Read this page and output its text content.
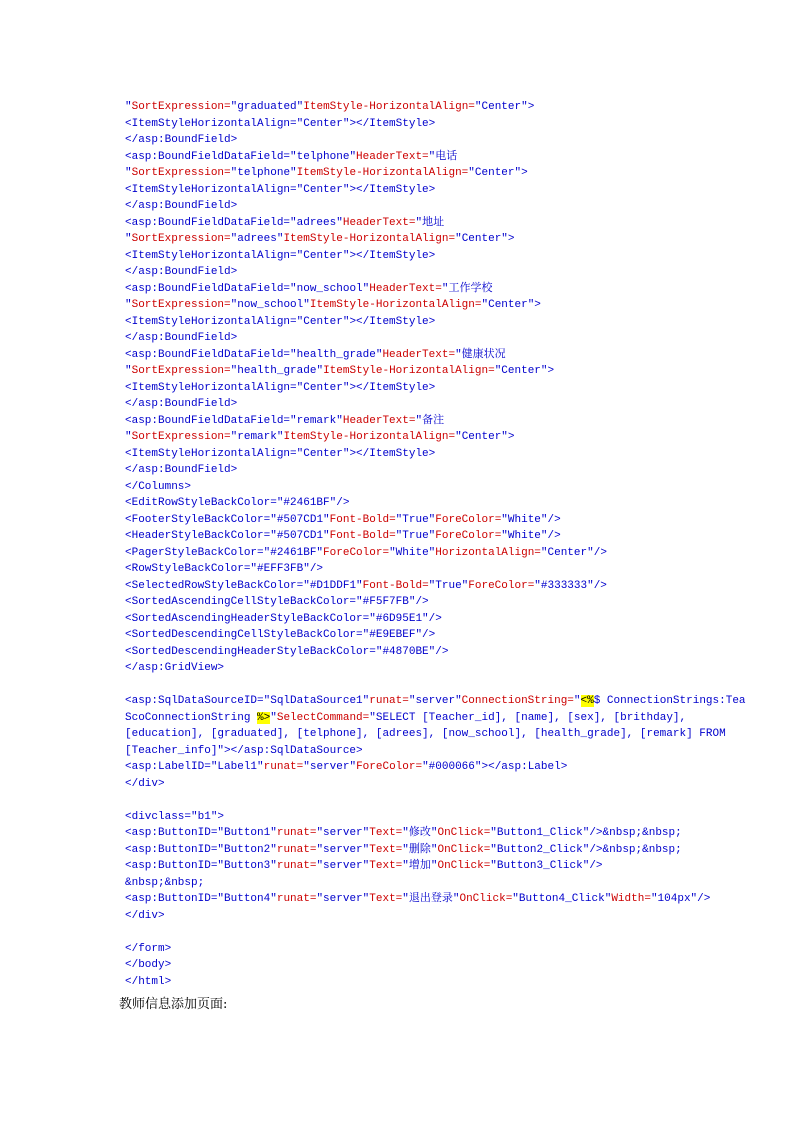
"SortExpression="graduated"ItemStyle-HorizontalAlign="Center">
<ItemStyleHorizontalAlign="Center"></ItemStyle>
</asp:BoundField>
<asp:BoundFieldDataField="telphone"HeaderText="电话
"SortExpression="telphone"ItemStyle-HorizontalAlign="Center">
<ItemStyleHorizontalAlign="Center"></ItemStyle>
</asp:BoundField>
<asp:BoundFieldDataField="adrees"HeaderText="地址
"SortExpression="adrees"ItemStyle-HorizontalAlign="Center">
<ItemStyleHorizontalAlign="Center"></ItemStyle>
</asp:BoundField>
<asp:BoundFieldDataField="now_school"HeaderText="工作学校
"SortExpression="now_school"ItemStyle-HorizontalAlign="Center">
<ItemStyleHorizontalAlign="Center"></ItemStyle>
</asp:BoundField>
<asp:BoundFieldDataField="health_grade"HeaderText="健康状况
"SortExpression="health_grade"ItemStyle-HorizontalAlign="Center">
<ItemStyleHorizontalAlign="Center"></ItemStyle>
</asp:BoundField>
<asp:BoundFieldDataField="remark"HeaderText="备注
"SortExpression="remark"ItemStyle-HorizontalAlign="Center">
<ItemStyleHorizontalAlign="Center"></ItemStyle>
</asp:BoundField>
</Columns>
<EditRowStyleBackColor="#2461BF"/>
<FooterStyleBackColor="#507CD1"Font-Bold="True"ForeColor="White"/>
<HeaderStyleBackColor="#507CD1"Font-Bold="True"ForeColor="White"/>
<PagerStyleBackColor="#2461BF"ForeColor="White"HorizontalAlign="Center"/>
<RowStyleBackColor="#EFF3FB"/>
<SelectedRowStyleBackColor="#D1DDF1"Font-Bold="True"ForeColor="#333333"/>
<SortedAscendingCellStyleBackColor="#F5F7FB"/>
<SortedAscendingHeaderStyleBackColor="#6D95E1"/>
<SortedDescendingCellStyleBackColor="#E9EBEF"/>
<SortedDescendingHeaderStyleBackColor="#4870BE"/>
</asp:GridView>
<asp:SqlDataSourceID="SqlDataSource1"runat="server"ConnectionString="<%$ ConnectionStrings:Tea
ScoConnectionString %>"SelectCommand="SELECT [Teacher_id], [name], [sex], [brithday],
[education], [graduated], [telphone], [adrees], [now_school], [health_grade], [remark] FROM
[Teacher_info]"></asp:SqlDataSource>
<asp:LabelID="Label1"runat="server"ForeColor="#000066"></asp:Label>
</div>
<divclass="b1">
<asp:ButtonID="Button1"runat="server"Text="修改"OnClick="Button1_Click"/>&nbsp;&nbsp;
<asp:ButtonID="Button2"runat="server"Text="删除"OnClick="Button2_Click"/>&nbsp;&nbsp;
<asp:ButtonID="Button3"runat="server"Text="增加"OnClick="Button3_Click"/>
&nbsp;&nbsp;
<asp:ButtonID="Button4"runat="server"Text="退出登录"OnClick="Button4_Click"Width="104px"/>
</div>
</form>
</body>
</html>
教师信息添加页面:
